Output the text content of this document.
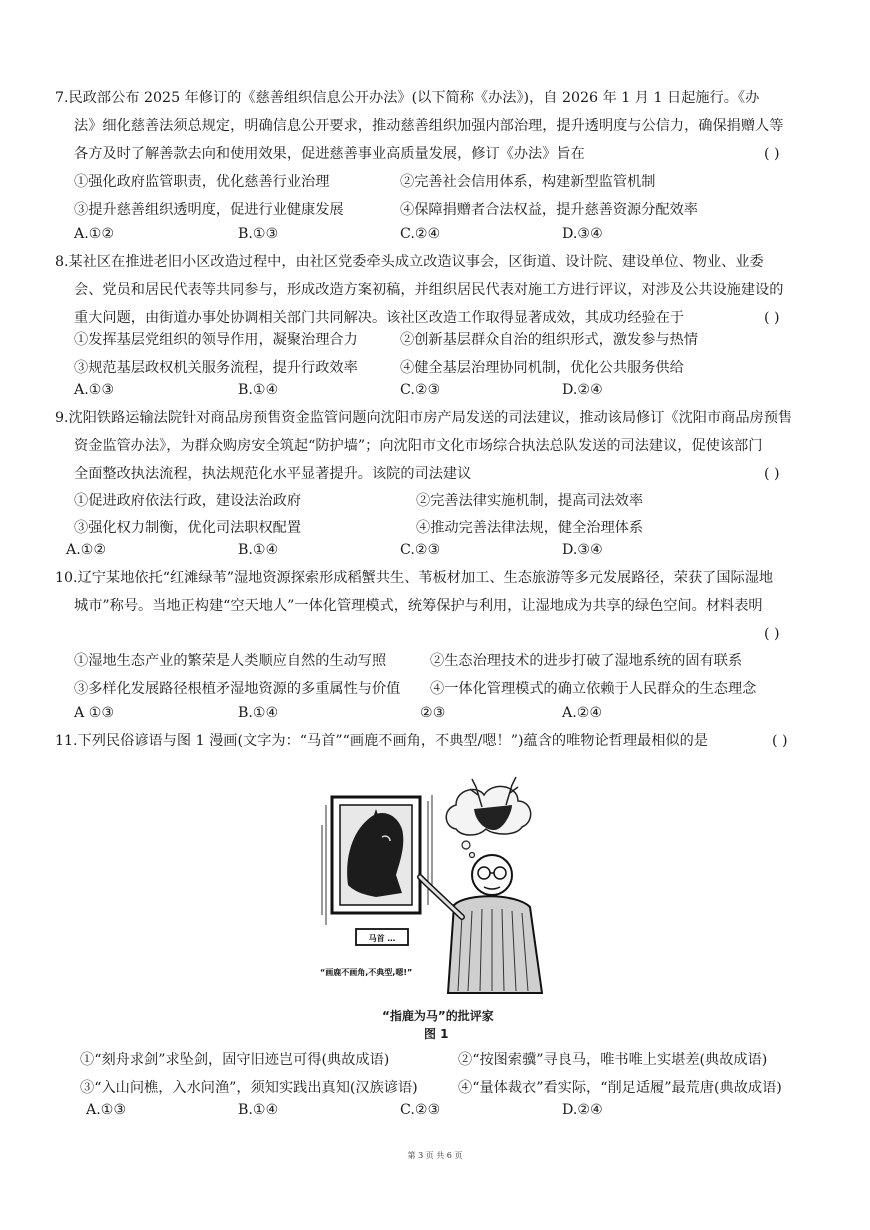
7.民政部公布 2025 年修订的《慈善组织信息公开办法》(以下简称《办法》)，自 2026 年 1 月 1 日起施行。《办
法》细化慈善法须总规定，明确信息公开要求，推动慈善组织加强内部治理，提升透明度与公信力，确保捐赠人等
各方及时了解善款去向和使用效果，促进慈善事业高质量发展，修订《办法》旨在	( )
①强化政府监管职责，优化慈善行业治理	②完善社会信用体系，构建新型监管机制
③提升慈善组织透明度，促进行业健康发展	④保障捐赠者合法权益，提升慈善资源分配效率
A.①②	B.①③	C.②④	D.③④
8.某社区在推进老旧小区改造过程中，由社区党委牵头成立改造议事会，区街道、设计院、建设单位、物业、业委
会、党员和居民代表等共同参与，形成改造方案初稿，并组织居民代表对施工方进行评议，对涉及公共设施建设的
重大问题，由街道办事处协调相关部门共同解决。该社区改造工作取得显著成效，其成功经验在于	( )
①发挥基层党组织的领导作用，凝聚治理合力	②创新基层群众自治的组织形式，激发参与热情
③规范基层政权机关服务流程，提升行政效率	④健全基层治理协同机制，优化公共服务供给
A.①③	B.①④	C.②③	D.②④
9.沈阳铁路运输法院针对商品房预售资金监管问题向沈阳市房产局发送的司法建议，推动该局修订《沈阳市商品房预售
资金监管办法》，为群众购房安全筑起“防护墙”；向沈阳市文化市场综合执法总队发送的司法建议，促使该部门
全面整改执法流程，执法规范化水平显著提升。该院的司法建议	( )
①促进政府依法行政，建设法治政府	②完善法律实施机制，提高司法效率
③强化权力制衡，优化司法职权配置	④推动完善法律法规，健全治理体系
A.①②	B.①④	C.②③	D.③④
10.辽宁某地依托“红滩绿苇”湿地资源探索形成稻蟹共生、苇板材加工、生态旅游等多元发展路径，荣获了国际湿地
城市”称号。当地正构建“空天地人”一体化管理模式，统筹保护与利用，让湿地成为共享的绿色空间。材料表明
( )
①湿地生态产业的繁荣是人类顺应自然的生动写照	②生态治理技术的进步打破了湿地系统的固有联系
③多样化发展路径根植矛湿地资源的多重属性与价值 ④一体化管理模式的确立依赖于人民群众的生态理念
A ①③	B.①④	②③	A.②④
11.下列民俗谚语与图 1 漫画(文字为：“马首”“画鹿不画角，不典型/嗯！”)蕴含的唯物论哲理最相似的是	( )
马首 …
“画鹿不画角,不典型,嗯!”
“指鹿为马”的批评家
图 1
①“刻舟求剑”求坠剑，固守旧迹岂可得(典故成语)	②“按图索骥”寻良马，唯书唯上实堪差(典故成语)
③“入山问樵，入水问渔”，须知实践出真知(汉族谚语)	④“量体裁衣”看实际，“削足适履”最荒唐(典故成语)
A.①③	B.①④	C.②③	D.②④
第 3 页 共 6 页
